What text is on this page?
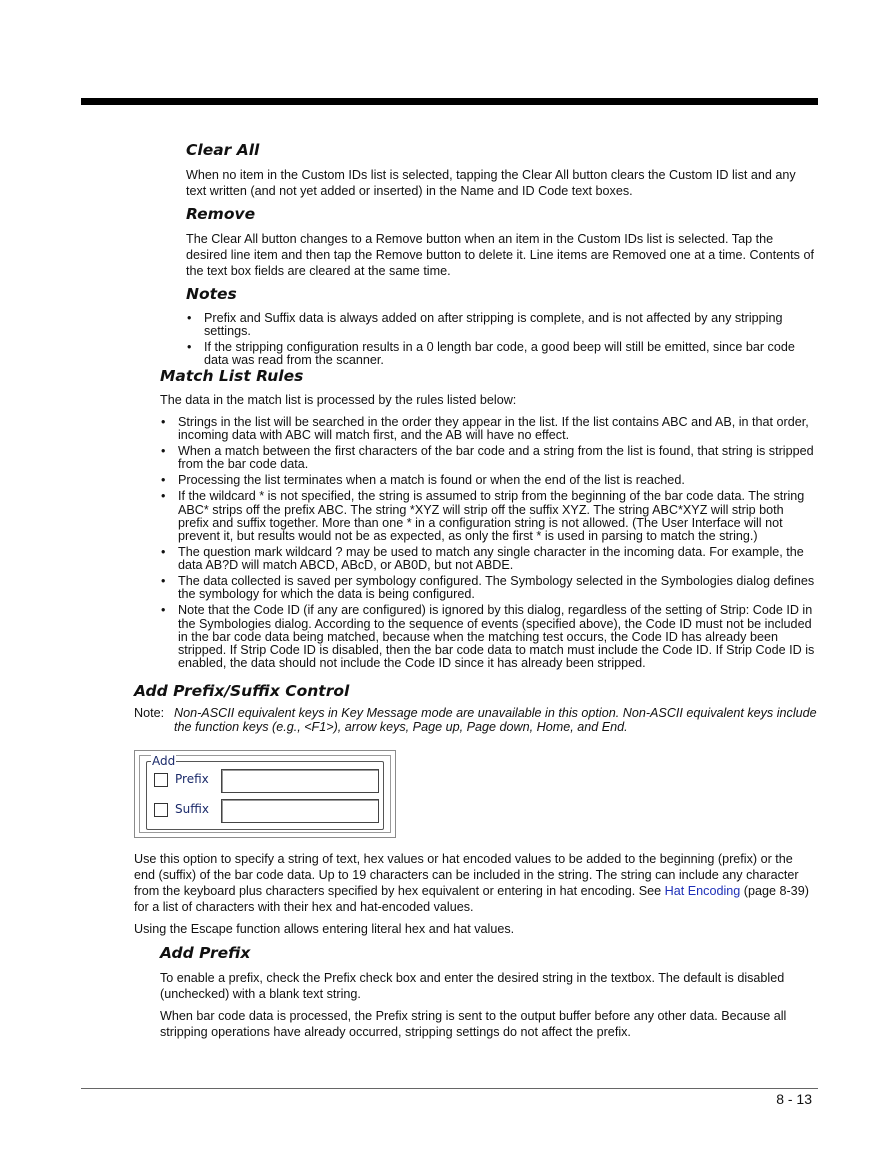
Clear All

When no item in the Custom IDs list is selected, tapping the Clear All button clears the Custom ID list and any text written (and not yet added or inserted) in the Name and ID Code text boxes.

Remove

The Clear All button changes to a Remove button when an item in the Custom IDs list is selected. Tap the desired line item and then tap the Remove button to delete it. Line items are Removed one at a time. Contents of the text box fields are cleared at the same time.

Notes
• Prefix and Suffix data is always added on after stripping is complete, and is not affected by any stripping settings.
• If the stripping configuration results in a 0 length bar code, a good beep will still be emitted, since bar code data was read from the scanner.
Match List Rules

The data in the match list is processed by the rules listed below:

• Strings in the list will be searched in the order they appear in the list. If the list contains ABC and AB, in that order, incoming data with ABC will match first, and the AB will have no effect.
• When a match between the first characters of the bar code and a string from the list is found, that string is stripped from the bar code data.
• Processing the list terminates when a match is found or when the end of the list is reached.
• If the wildcard * is not specified, the string is assumed to strip from the beginning of the bar code data. The string ABC* strips off the prefix ABC. The string *XYZ will strip off the suffix XYZ. The string ABC*XYZ will strip both prefix and suffix together. More than one * in a configuration string is not allowed. (The User Interface will not prevent it, but results would not be as expected, as only the first * is used in parsing to match the string.)
• The question mark wildcard ? may be used to match any single character in the incoming data. For example, the data AB?D will match ABCD, ABcD, or AB0D, but not ABDE.
• The data collected is saved per symbology configured. The Symbology selected in the Symbologies dialog defines the symbology for which the data is being configured.
• Note that the Code ID (if any are configured) is ignored by this dialog, regardless of the setting of Strip: Code ID in the Symbologies dialog. According to the sequence of events (specified above), the Code ID must not be included in the bar code data being matched, because when the matching test occurs, the Code ID has already been stripped. If Strip Code ID is disabled, then the bar code data to match must include the Code ID. If Strip Code ID is enabled, the data should not include the Code ID since it has already been stripped.
Add Prefix/Suffix Control
Note: Non-ASCII equivalent keys in Key Message mode are unavailable in this option. Non-ASCII equivalent keys include the function keys (e.g., <F1>), arrow keys, Page up, Page down, Home, and End.
Add
Prefix
Suffix

Use this option to specify a string of text, hex values or hat encoded values to be added to the beginning (prefix) or the end (suffix) of the bar code data. Up to 19 characters can be included in the string. The string can include any character from the keyboard plus characters specified by hex equivalent or entering in hat encoding. See Hat Encoding (page 8-39) for a list of characters with their hex and hat-encoded values.

Using the Escape function allows entering literal hex and hat values.

Add Prefix

To enable a prefix, check the Prefix check box and enter the desired string in the textbox. The default is disabled (unchecked) with a blank text string.

When bar code data is processed, the Prefix string is sent to the output buffer before any other data. Because all stripping operations have already occurred, stripping settings do not affect the prefix.

8 - 13
